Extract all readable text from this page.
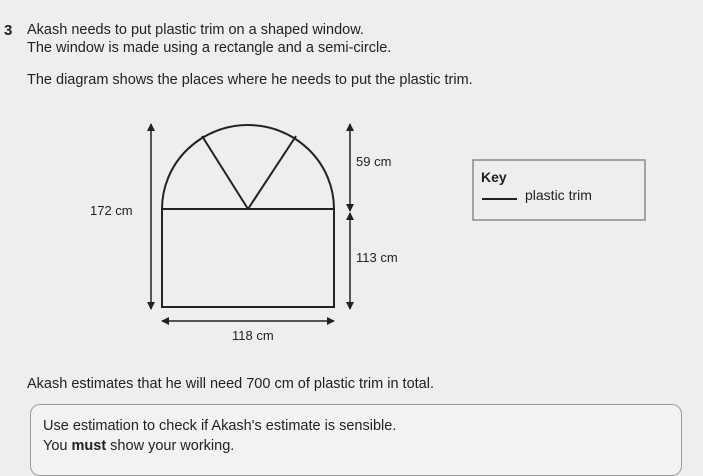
3 Akash needs to put plastic trim on a shaped window.
The window is made using a rectangle and a semi-circle.
The diagram shows the places where he needs to put the plastic trim.
172 cm
59 cm
113 cm
118 cm
Key
plastic trim
Akash estimates that he will need 700 cm of plastic trim in total.
Use estimation to check if Akash's estimate is sensible.
You must show your working.
